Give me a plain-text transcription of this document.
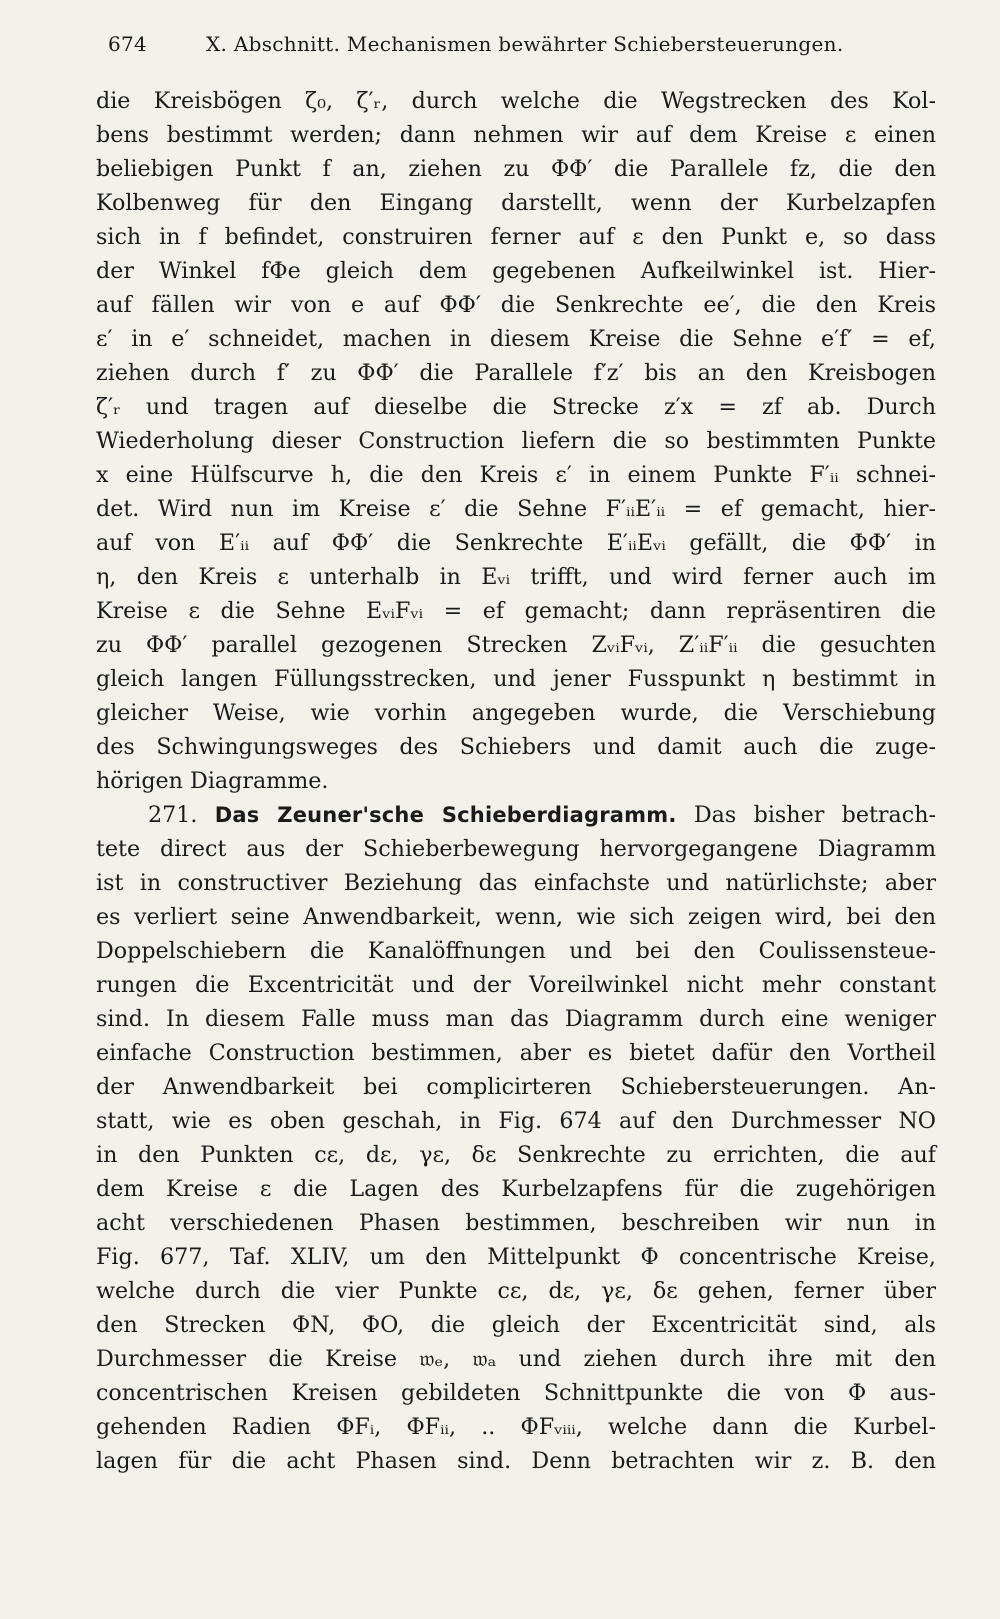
674	X. Abschnitt. Mechanismen bewährter Schiebersteuerungen.
die Kreisbögen ζ₀, ζ′ᵣ, durch welche die Wegstrecken des Kol-
bens bestimmt werden; dann nehmen wir auf dem Kreise ε einen
beliebigen Punkt f an, ziehen zu ΦΦ′ die Parallele fz, die den
Kolbenweg für den Eingang darstellt, wenn der Kurbelzapfen
sich in f befindet, construiren ferner auf ε den Punkt e, so dass
der Winkel fΦe gleich dem gegebenen Aufkeilwinkel ist. Hier-
auf fällen wir von e auf ΦΦ′ die Senkrechte ee′, die den Kreis
ε′ in e′ schneidet, machen in diesem Kreise die Sehne e′f′ = ef,
ziehen durch f′ zu ΦΦ′ die Parallele f′z′ bis an den Kreisbogen
ζ′ᵣ und tragen auf dieselbe die Strecke z′x = zf ab. Durch
Wiederholung dieser Construction liefern die so bestimmten Punkte
x eine Hülfscurve h, die den Kreis ε′ in einem Punkte F′ᵢᵢ schnei-
det. Wird nun im Kreise ε′ die Sehne F′ᵢᵢE′ᵢᵢ = ef gemacht, hier-
auf von E′ᵢᵢ auf ΦΦ′ die Senkrechte E′ᵢᵢEᵥᵢ gefällt, die ΦΦ′ in
η, den Kreis ε unterhalb in Eᵥᵢ trifft, und wird ferner auch im
Kreise ε die Sehne EᵥᵢFᵥᵢ = ef gemacht; dann repräsentiren die
zu ΦΦ′ parallel gezogenen Strecken ZᵥᵢFᵥᵢ, Z′ᵢᵢF′ᵢᵢ die gesuchten
gleich langen Füllungsstrecken, und jener Fusspunkt η bestimmt in
gleicher Weise, wie vorhin angegeben wurde, die Verschiebung
des Schwingungsweges des Schiebers und damit auch die zuge-
hörigen Diagramme.
271. Das Zeuner'sche Schieberdiagramm. Das bisher betrach-
tete direct aus der Schieberbewegung hervorgegangene Diagramm
ist in constructiver Beziehung das einfachste und natürlichste; aber
es verliert seine Anwendbarkeit, wenn, wie sich zeigen wird, bei den
Doppelschiebern die Kanalöffnungen und bei den Coulissensteue-
rungen die Excentricität und der Voreilwinkel nicht mehr constant
sind. In diesem Falle muss man das Diagramm durch eine weniger
einfache Construction bestimmen, aber es bietet dafür den Vortheil
der Anwendbarkeit bei complicirteren Schiebersteuerungen. An-
statt, wie es oben geschah, in Fig. 674 auf den Durchmesser NO
in den Punkten cε, dε, γε, δε Senkrechte zu errichten, die auf
dem Kreise ε die Lagen des Kurbelzapfens für die zugehörigen
acht verschiedenen Phasen bestimmen, beschreiben wir nun in
Fig. 677, Taf. XLIV, um den Mittelpunkt Φ concentrische Kreise,
welche durch die vier Punkte cε, dε, γε, δε gehen, ferner über
den Strecken ΦN, ΦO, die gleich der Excentricität sind, als
Durchmesser die Kreise 𝔴ₑ, 𝔴ₐ und ziehen durch ihre mit den
concentrischen Kreisen gebildeten Schnittpunkte die von Φ aus-
gehenden Radien ΦFᵢ, ΦFᵢᵢ, .. ΦFᵥᵢᵢᵢ, welche dann die Kurbel-
lagen für die acht Phasen sind. Denn betrachten wir z. B. den
